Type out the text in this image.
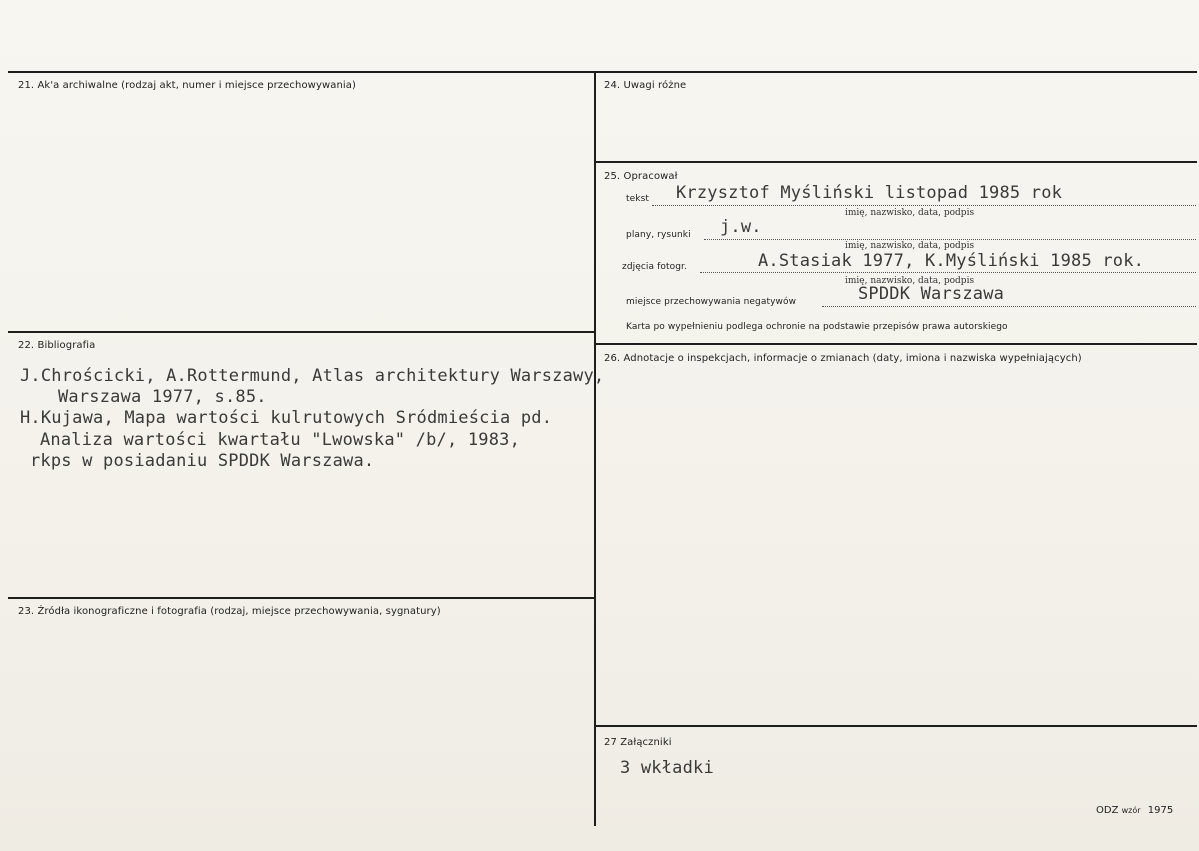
21. Ak'a archiwalne (rodzaj akt, numer i miejsce przechowywania)
22. Bibliografia
J.Chrościcki, A.Rottermund, Atlas architektury Warszawy,
Warszawa 1977, s.85.
H.Kujawa, Mapa wartości kulrutowych Sródmieścia pd.
Analiza wartości kwartału "Lwowska" /b/, 1983,
rkps w posiadaniu SPDDK Warszawa.
23. Źródła ikonograficzne i fotografia (rodzaj, miejsce przechowywania, sygnatury)
24. Uwagi różne
25. Opracował
tekst Krzysztof Myśliński listopad 1985 rok
imię, nazwisko, data, podpis
plany, rysunki j.w.
imię, nazwisko, data, podpis
zdjęcia fotogr.	A.Stasiak 1977, K.Myśliński 1985 rok.
imię, nazwisko, data, podpis
miejsce przechowywania negatywów	SPDDK Warszawa
Karta po wypełnieniu podlega ochronie na podstawie przepisów prawa autorskiego
26. Adnotacje o inspekcjach, informacje o zmianach (daty, imiona i nazwiska wypełniających)
27 Załączniki
3 wkładki
ODZ wzór 1975
